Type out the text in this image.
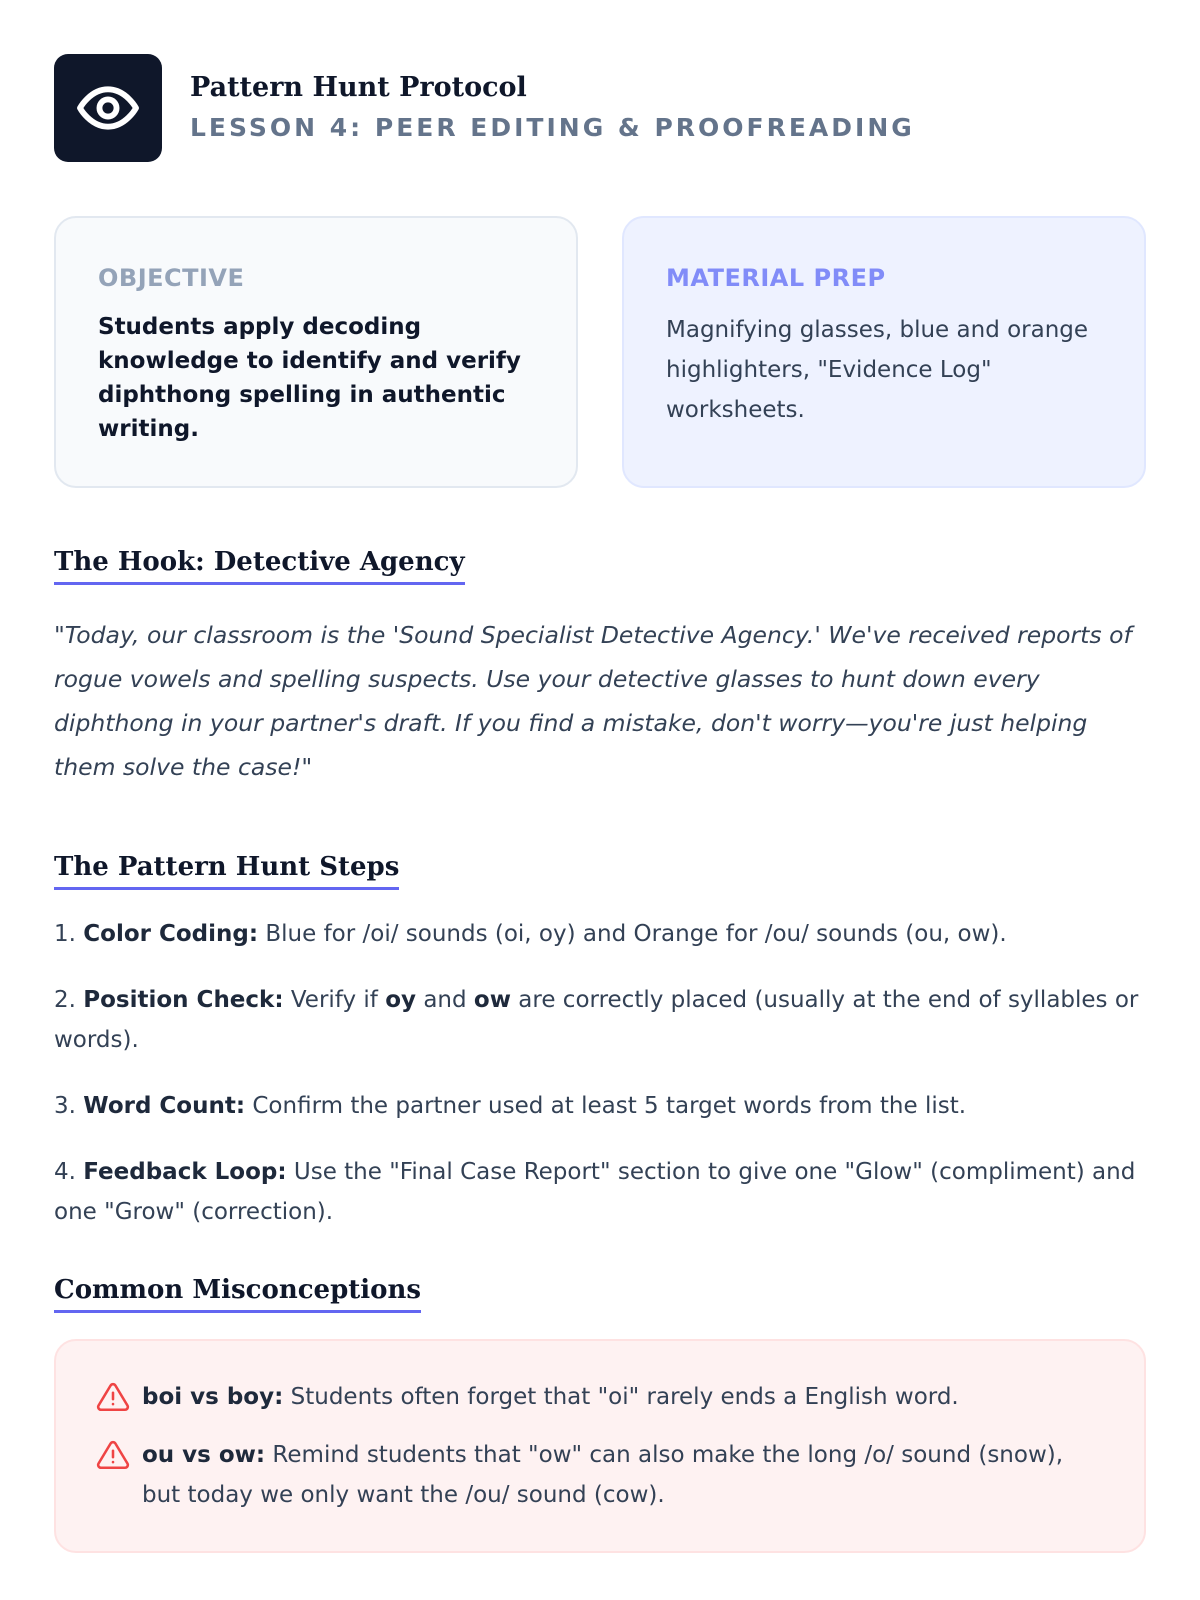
Pattern Hunt Protocol
LESSON 4: PEER EDITING & PROOFREADING
OBJECTIVE
Students apply decoding knowledge to identify and verify diphthong spelling in authentic writing.
MATERIAL PREP
Magnifying glasses, blue and orange highlighters, "Evidence Log" worksheets.
The Hook: Detective Agency
"Today, our classroom is the 'Sound Specialist Detective Agency.' We've received reports of rogue vowels and spelling suspects. Use your detective glasses to hunt down every diphthong in your partner's draft. If you find a mistake, don't worry—you're just helping them solve the case!"
The Pattern Hunt Steps
1. Color Coding: Blue for /oi/ sounds (oi, oy) and Orange for /ou/ sounds (ou, ow).
2. Position Check: Verify if oy and ow are correctly placed (usually at the end of syllables or words).
3. Word Count: Confirm the partner used at least 5 target words from the list.
4. Feedback Loop: Use the "Final Case Report" section to give one "Glow" (compliment) and one "Grow" (correction).
Common Misconceptions
boi vs boy: Students often forget that "oi" rarely ends a English word.
ou vs ow: Remind students that "ow" can also make the long /o/ sound (snow), but today we only want the /ou/ sound (cow).
